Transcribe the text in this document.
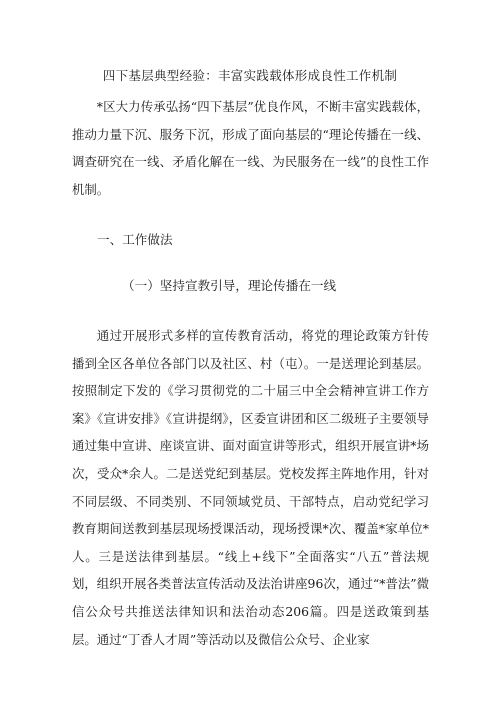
四下基层典型经验：丰富实践载体形成良性工作机制

*区大力传承弘扬“四下基层”优良作风，不断丰富实践载体，推动力量下沉、服务下沉，形成了面向基层的“理论传播在一线、调查研究在一线、矛盾化解在一线、为民服务在一线”的良性工作机制。

一、工作做法
（一）坚持宣教引导，理论传播在一线

通过开展形式多样的宣传教育活动，将党的理论政策方针传播到全区各单位各部门以及社区、村（屯）。一是送理论到基层。按照制定下发的《学习贯彻党的二十届三中全会精神宣讲工作方案》《宣讲安排》《宣讲提纲》，区委宣讲团和区二级班子主要领导通过集中宣讲、座谈宣讲、面对面宣讲等形式，组织开展宣讲*场次，受众*余人。二是送党纪到基层。党校发挥主阵地作用，针对不同层级、不同类别、不同领域党员、干部特点，启动党纪学习教育期间送教到基层现场授课活动，现场授课*次、覆盖*家单位*人。三是送法律到基层。“线上+线下”全面落实“八五”普法规划，组织开展各类普法宣传活动及法治讲座96次，通过“*普法”微信公众号共推送法律知识和法治动态206篇。四是送政策到基层。通过“丁香人才周”等活动以及微信公众号、企业家
